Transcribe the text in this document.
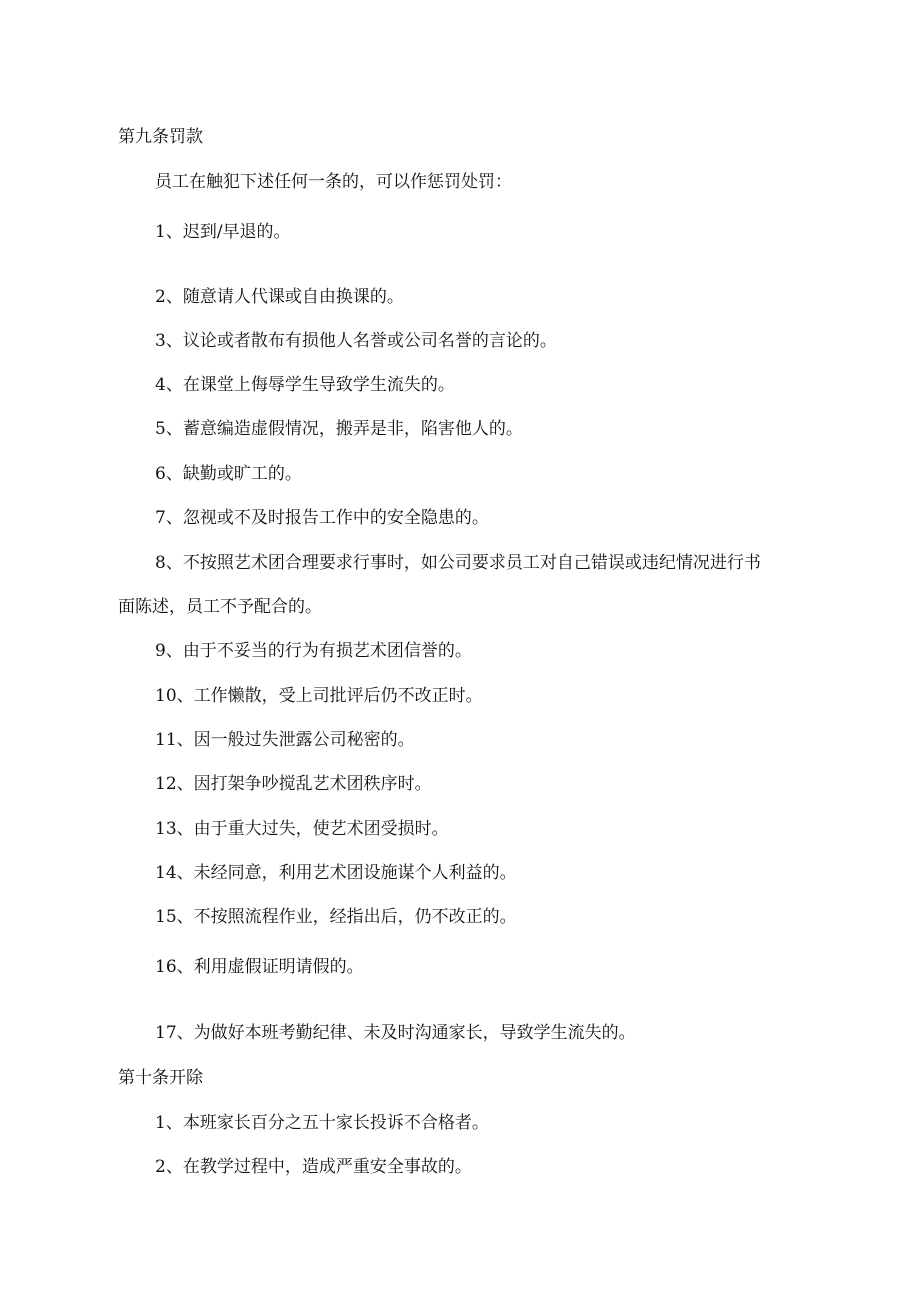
第九条罚款
员工在触犯下述任何一条的，可以作惩罚处罚：
1、迟到/早退的。
2、随意请人代课或自由换课的。
3、议论或者散布有损他人名誉或公司名誉的言论的。
4、在课堂上侮辱学生导致学生流失的。
5、蓄意编造虚假情况，搬弄是非，陷害他人的。
6、缺勤或旷工的。
7、忽视或不及时报告工作中的安全隐患的。
8、不按照艺术团合理要求行事时，如公司要求员工对自己错误或违纪情况进行书
面陈述，员工不予配合的。
9、由于不妥当的行为有损艺术团信誉的。
10、工作懒散，受上司批评后仍不改正时。
11、因一般过失泄露公司秘密的。
12、因打架争吵搅乱艺术团秩序时。
13、由于重大过失，使艺术团受损时。
14、未经同意，利用艺术团设施谋个人利益的。
15、不按照流程作业，经指出后，仍不改正的。
16、利用虚假证明请假的。
17、为做好本班考勤纪律、未及时沟通家长，导致学生流失的。
第十条开除
1、本班家长百分之五十家长投诉不合格者。
2、在教学过程中，造成严重安全事故的。
